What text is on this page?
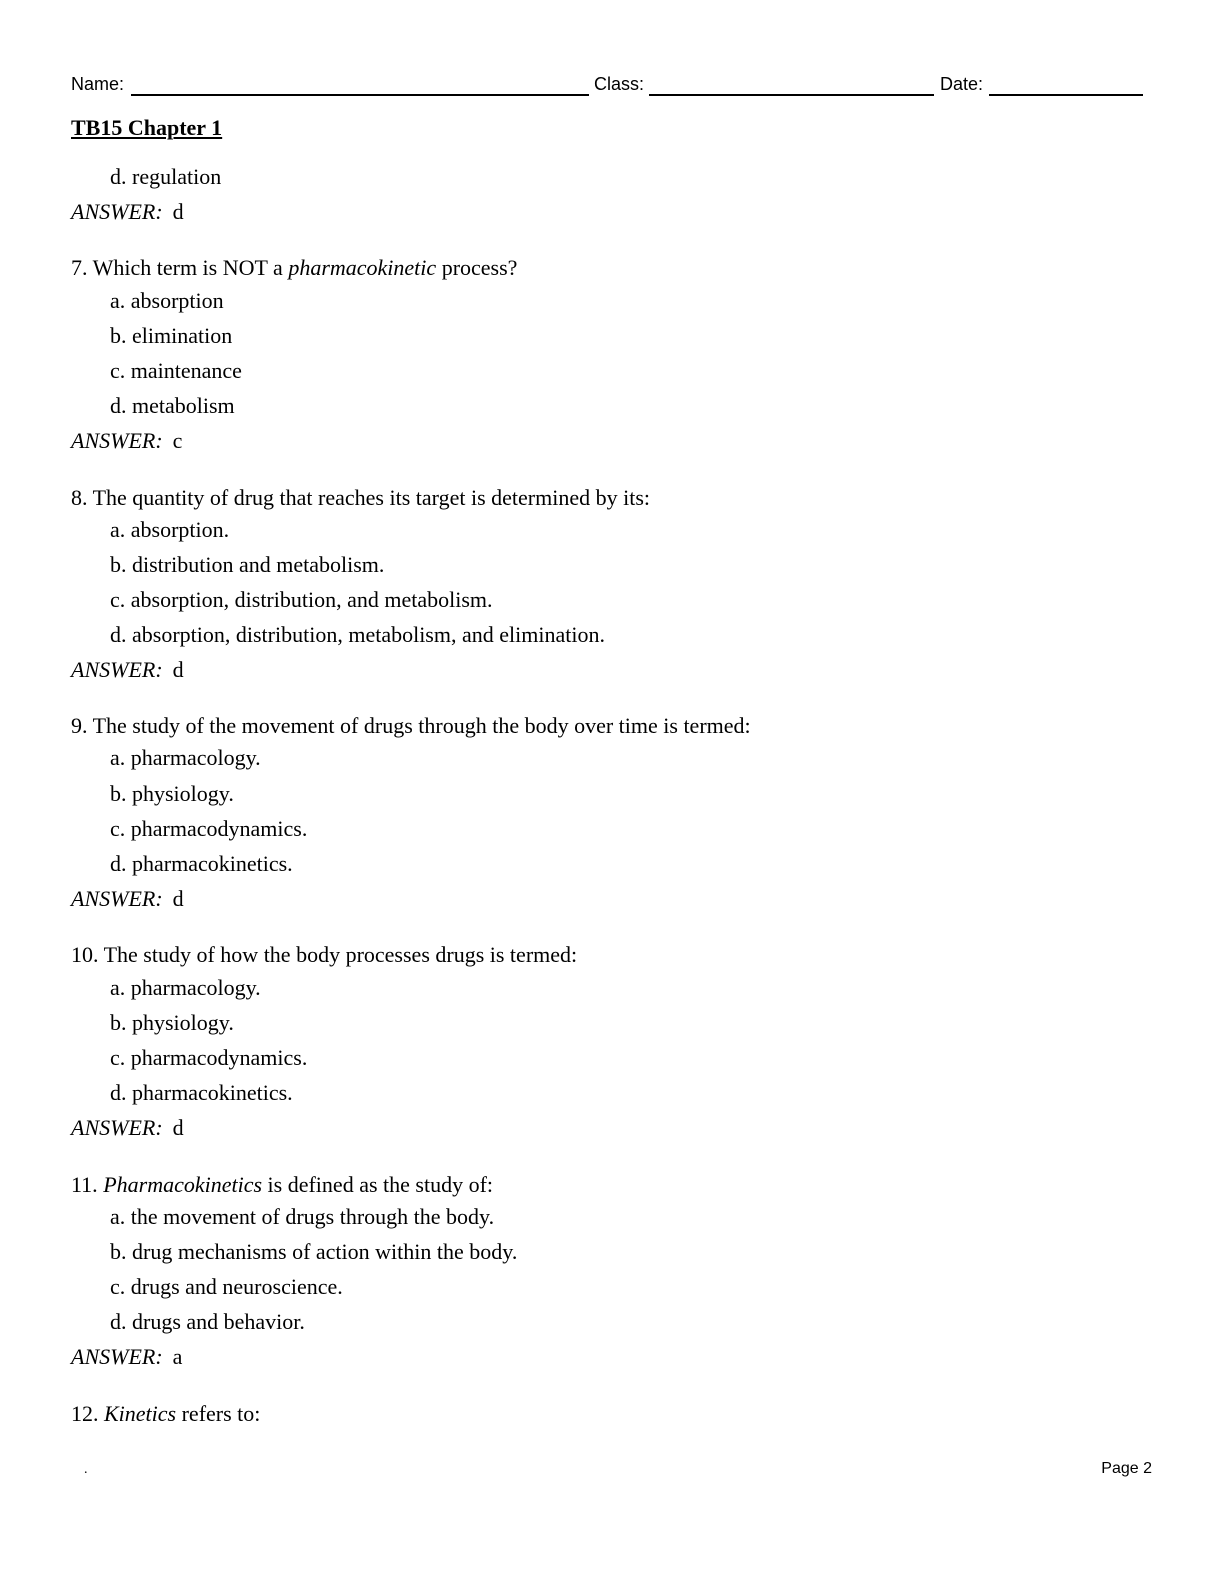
Name:	Class:	Date:
TB15 Chapter 1
d. regulation
ANSWER: d
7. Which term is NOT a pharmacokinetic process?
a. absorption
b. elimination
c. maintenance
d. metabolism
ANSWER: c
8. The quantity of drug that reaches its target is determined by its:
a. absorption.
b. distribution and metabolism.
c. absorption, distribution, and metabolism.
d. absorption, distribution, metabolism, and elimination.
ANSWER: d
9. The study of the movement of drugs through the body over time is termed:
a. pharmacology.
b. physiology.
c. pharmacodynamics.
d. pharmacokinetics.
ANSWER: d
10. The study of how the body processes drugs is termed:
a. pharmacology.
b. physiology.
c. pharmacodynamics.
d. pharmacokinetics.
ANSWER: d
11. Pharmacokinetics is defined as the study of:
a. the movement of drugs through the body.
b. drug mechanisms of action within the body.
c. drugs and neuroscience.
d. drugs and behavior.
ANSWER: a
12. Kinetics refers to:
.	Page 2
